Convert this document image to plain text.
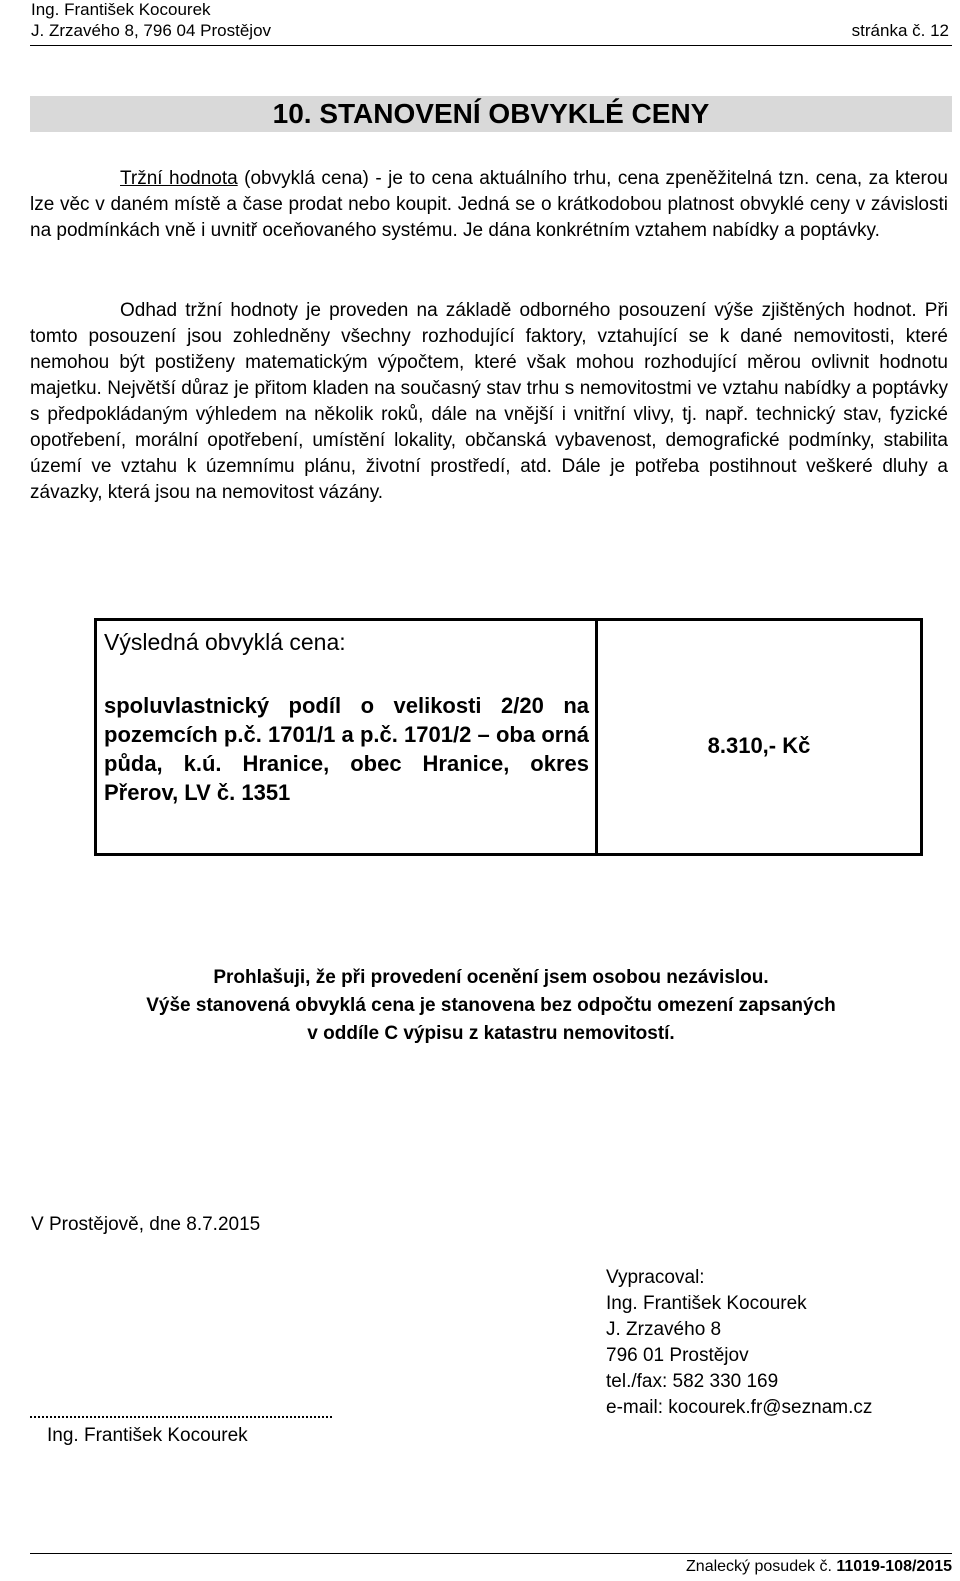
Ing. František Kocourek
J. Zrzavého 8, 796 04 Prostějov	stránka č. 12
10. STANOVENÍ OBVYKLÉ CENY
Tržní hodnota (obvyklá cena) - je to cena aktuálního trhu, cena zpeněžitelná tzn. cena, za kterou lze věc v daném místě a čase prodat nebo koupit. Jedná se o krátkodobou platnost obvyklé ceny v závislosti na podmínkách vně i uvnitř oceňovaného systému. Je dána konkrétním vztahem nabídky a poptávky.
Odhad tržní hodnoty je proveden na základě odborného posouzení výše zjištěných hodnot. Při tomto posouzení jsou zohledněny všechny rozhodující faktory, vztahující se k dané nemovitosti, které nemohou být postiženy matematickým výpočtem, které však mohou rozhodující měrou ovlivnit hodnotu majetku. Největší důraz je přitom kladen na současný stav trhu s nemovitostmi ve vztahu nabídky a poptávky s předpokládaným výhledem na několik roků, dále na vnější i vnitřní vlivy, tj. např. technický stav, fyzické opotřebení, morální opotřebení, umístění lokality, občanská vybavenost, demografické podmínky, stabilita území ve vztahu k územnímu plánu, životní prostředí, atd. Dále je potřeba postihnout veškeré dluhy a závazky, která jsou na nemovitost vázány.
Výsledná obvyklá cena:
spoluvlastnický podíl o velikosti 2/20 na pozemcích p.č. 1701/1 a p.č. 1701/2 – oba orná půda, k.ú. Hranice, obec Hranice, okres Přerov, LV č. 1351
8.310,- Kč
Prohlašuji, že při provedení ocenění jsem osobou nezávislou.
Výše stanovená obvyklá cena je stanovena bez odpočtu omezení zapsaných
v oddíle C výpisu z katastru nemovitostí.
V Prostějově, dne 8.7.2015
Vypracoval:
Ing. František Kocourek
J. Zrzavého 8
796 01 Prostějov
tel./fax: 582 330 169
e-mail: kocourek.fr@seznam.cz
Ing. František Kocourek
Znalecký posudek č. 11019-108/2015
